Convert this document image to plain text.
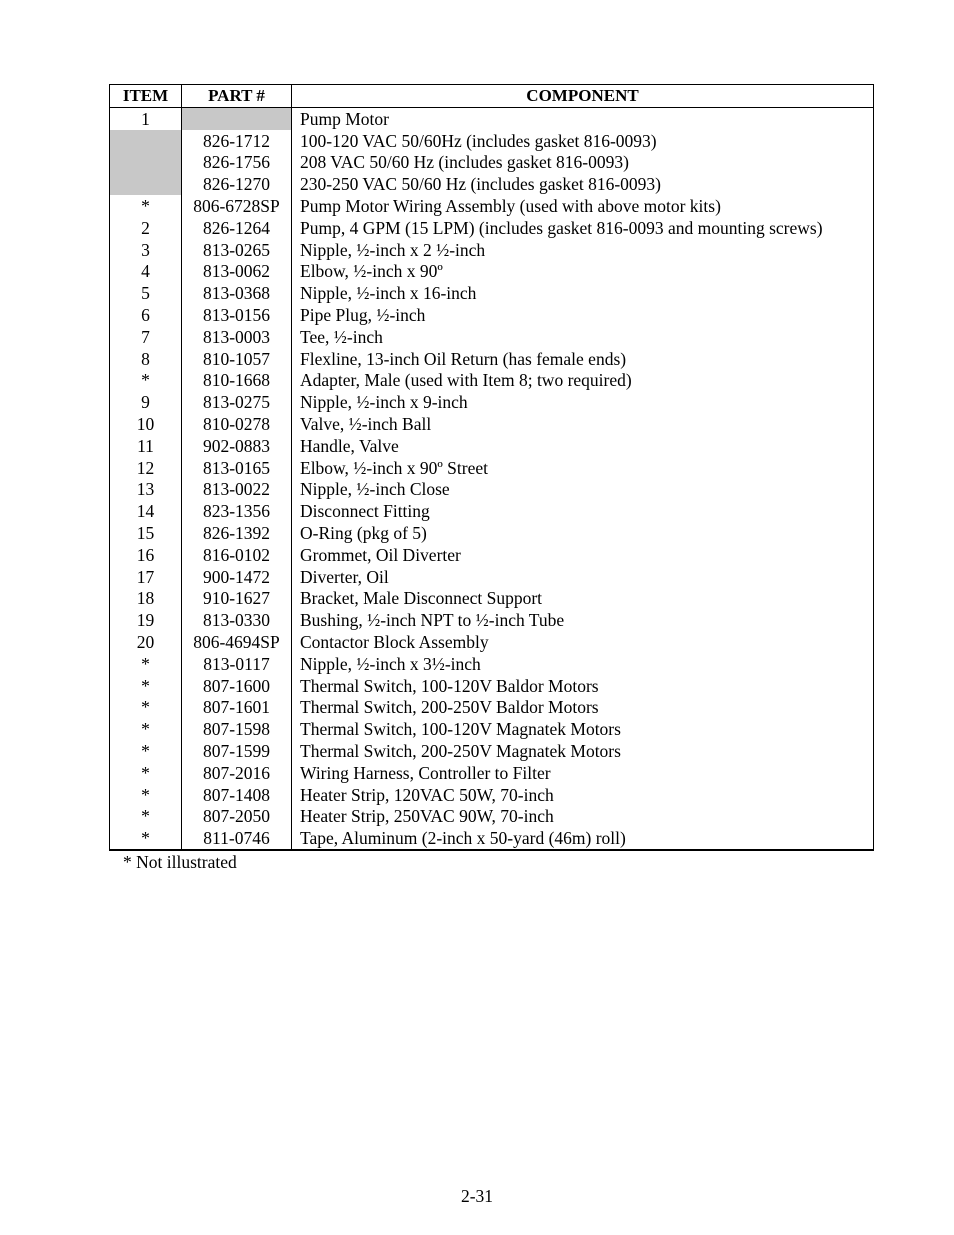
ITEM	PART #	COMPONENT
1		Pump Motor
	826-1712	100-120 VAC 50/60Hz (includes gasket 816-0093)
	826-1756	208 VAC 50/60 Hz (includes gasket 816-0093)
	826-1270	230-250 VAC 50/60 Hz (includes gasket 816-0093)
*	806-6728SP	Pump Motor Wiring Assembly (used with above motor kits)
2	826-1264	Pump, 4 GPM (15 LPM) (includes gasket 816-0093 and mounting screws)
3	813-0265	Nipple, ½-inch x 2 ½-inch
4	813-0062	Elbow, ½-inch x 90º
5	813-0368	Nipple, ½-inch x 16-inch
6	813-0156	Pipe Plug, ½-inch
7	813-0003	Tee, ½-inch
8	810-1057	Flexline, 13-inch Oil Return (has female ends)
*	810-1668	Adapter, Male (used with Item 8; two required)
9	813-0275	Nipple, ½-inch x 9-inch
10	810-0278	Valve, ½-inch Ball
11	902-0883	Handle, Valve
12	813-0165	Elbow, ½-inch x 90º Street
13	813-0022	Nipple, ½-inch Close
14	823-1356	Disconnect Fitting
15	826-1392	O-Ring (pkg of 5)
16	816-0102	Grommet, Oil Diverter
17	900-1472	Diverter, Oil
18	910-1627	Bracket, Male Disconnect Support
19	813-0330	Bushing, ½-inch NPT to ½-inch Tube
20	806-4694SP	Contactor Block Assembly
*	813-0117	Nipple, ½-inch x 3½-inch
*	807-1600	Thermal Switch, 100-120V Baldor Motors
*	807-1601	Thermal Switch, 200-250V Baldor Motors
*	807-1598	Thermal Switch, 100-120V Magnatek Motors
*	807-1599	Thermal Switch, 200-250V Magnatek Motors
*	807-2016	Wiring Harness, Controller to Filter
*	807-1408	Heater Strip, 120VAC 50W, 70-inch
*	807-2050	Heater Strip, 250VAC 90W, 70-inch
*	811-0746	Tape, Aluminum (2-inch x 50-yard (46m) roll)
* Not illustrated
2-31
